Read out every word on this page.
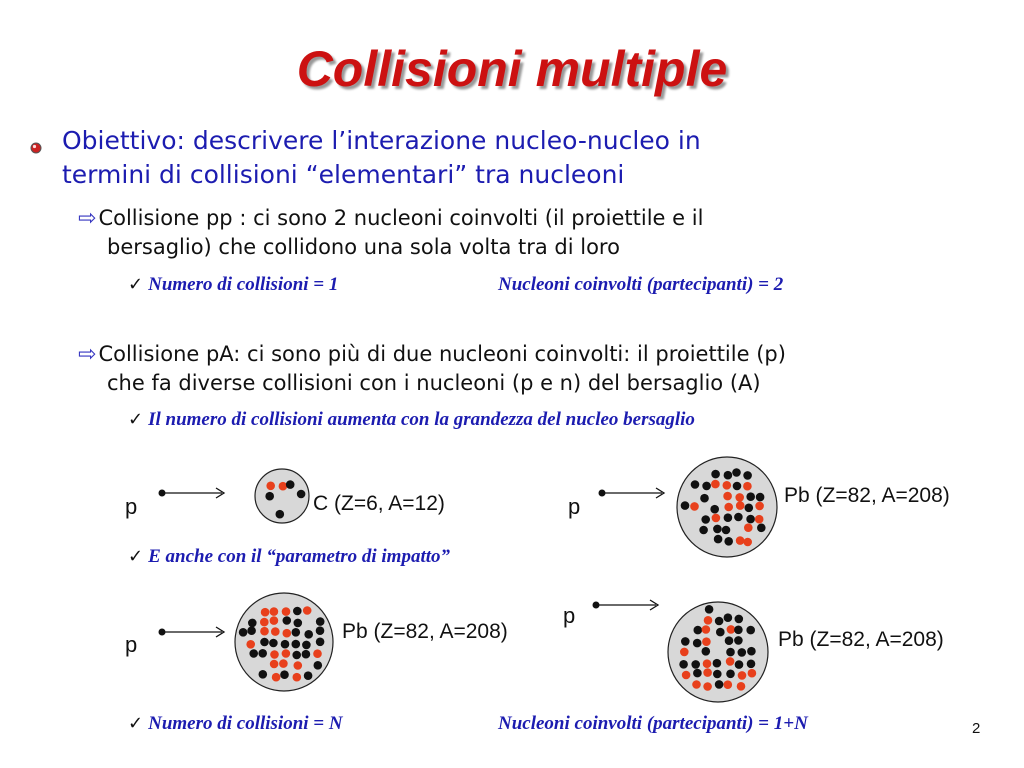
Collisioni multiple
Obiettivo: descrivere l’interazione nucleo-nucleo in
termini di collisioni “elementari” tra nucleoni
⇨Collisione pp : ci sono 2 nucleoni coinvolti (il proiettile e il
bersaglio) che collidono una sola volta tra di loro
✓ Numero di collisioni = 1	Nucleoni coinvolti (partecipanti) = 2
⇨Collisione pA: ci sono più di due nucleoni coinvolti: il proiettile (p)
che fa diverse collisioni con i nucleoni (p e n) del bersaglio (A)
✓ Il numero di collisioni aumenta con la grandezza del nucleo bersaglio
p	C (Z=6, A=12)	p	Pb (Z=82, A=208)
✓ E anche con il “parametro di impatto”
p
Pb (Z=82, A=208)
p
Pb (Z=82, A=208)
✓ Numero di collisioni = N	Nucleoni coinvolti (partecipanti) = 1+N	2
